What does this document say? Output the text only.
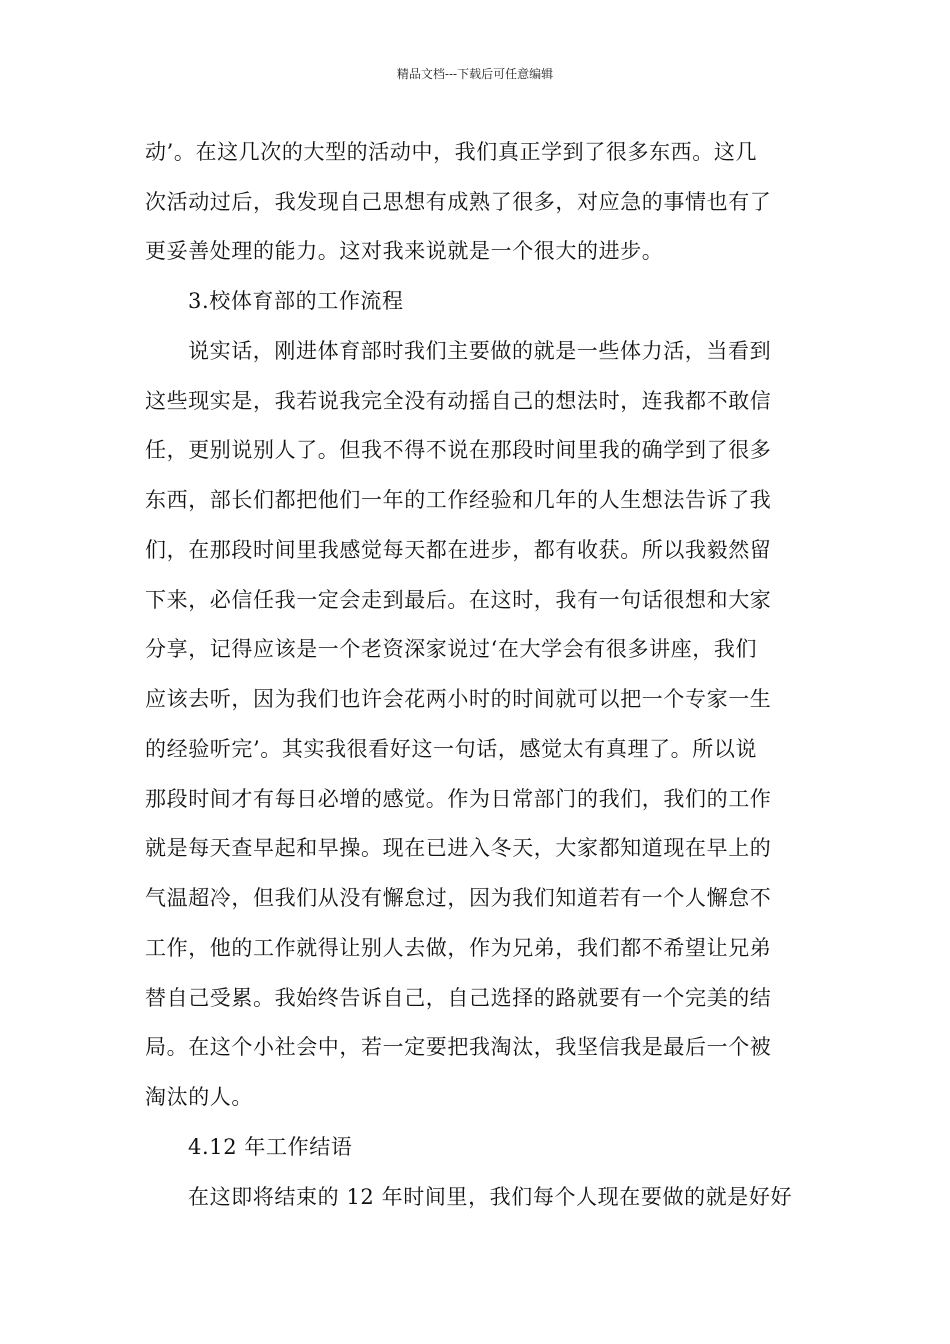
精品文档---下载后可任意编辑
动’。在这几次的大型的活动中，我们真正学到了很多东西。这几
次活动过后，我发现自己思想有成熟了很多，对应急的事情也有了
更妥善处理的能力。这对我来说就是一个很大的进步。
3.校体育部的工作流程
说实话，刚进体育部时我们主要做的就是一些体力活，当看到
这些现实是，我若说我完全没有动摇自己的想法时，连我都不敢信
任，更别说别人了。但我不得不说在那段时间里我的确学到了很多
东西，部长们都把他们一年的工作经验和几年的人生想法告诉了我
们，在那段时间里我感觉每天都在进步，都有收获。所以我毅然留
下来，必信任我一定会走到最后。在这时，我有一句话很想和大家
分享，记得应该是一个老资深家说过‘在大学会有很多讲座，我们
应该去听，因为我们也许会花两小时的时间就可以把一个专家一生
的经验听完’。其实我很看好这一句话，感觉太有真理了。所以说
那段时间才有每日必增的感觉。作为日常部门的我们，我们的工作
就是每天查早起和早操。现在已进入冬天，大家都知道现在早上的
气温超冷，但我们从没有懈怠过，因为我们知道若有一个人懈怠不
工作，他的工作就得让别人去做，作为兄弟，我们都不希望让兄弟
替自己受累。我始终告诉自己，自己选择的路就要有一个完美的结
局。在这个小社会中，若一定要把我淘汰，我坚信我是最后一个被
淘汰的人。
4.12 年工作结语
在这即将结束的 12 年时间里，我们每个人现在要做的就是好好
